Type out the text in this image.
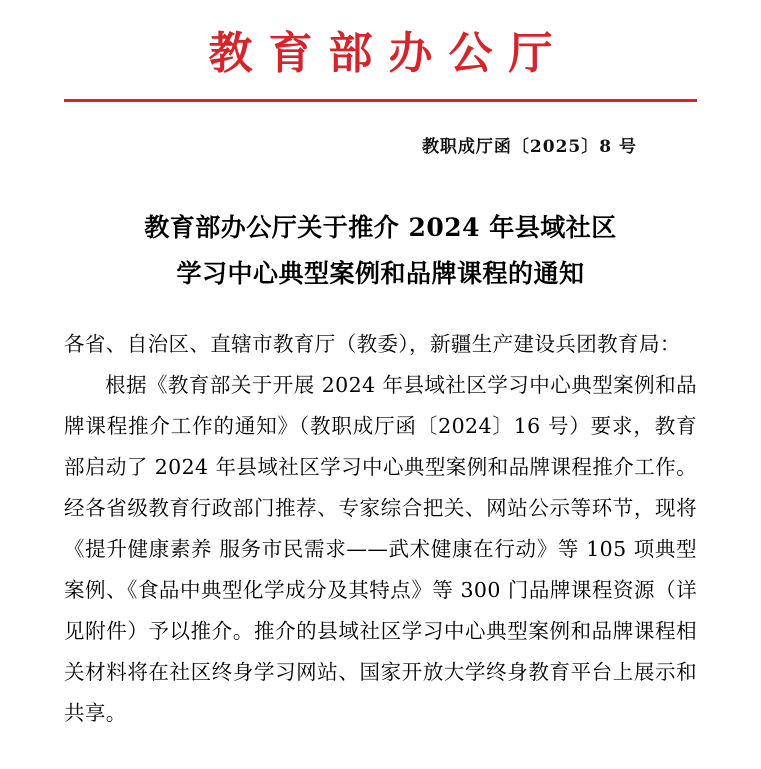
教育部办公厅
教职成厅函〔2025〕8 号
教育部办公厅关于推介 2024 年县域社区
学习中心典型案例和品牌课程的通知

各省、自治区、直辖市教育厅（教委），新疆生产建设兵团教育局：

根据《教育部关于开展 2024 年县域社区学习中心典型案例和品牌课程推介工作的通知》（教职成厅函〔2024〕16 号）要求，教育部启动了 2024 年县域社区学习中心典型案例和品牌课程推介工作。经各省级教育行政部门推荐、专家综合把关、网站公示等环节，现将《提升健康素养 服务市民需求——武术健康在行动》等 105 项典型案例、《食品中典型化学成分及其特点》等 300 门品牌课程资源（详见附件）予以推介。推介的县域社区学习中心典型案例和品牌课程相关材料将在社区终身学习网站、国家开放大学终身教育平台上展示和共享。
